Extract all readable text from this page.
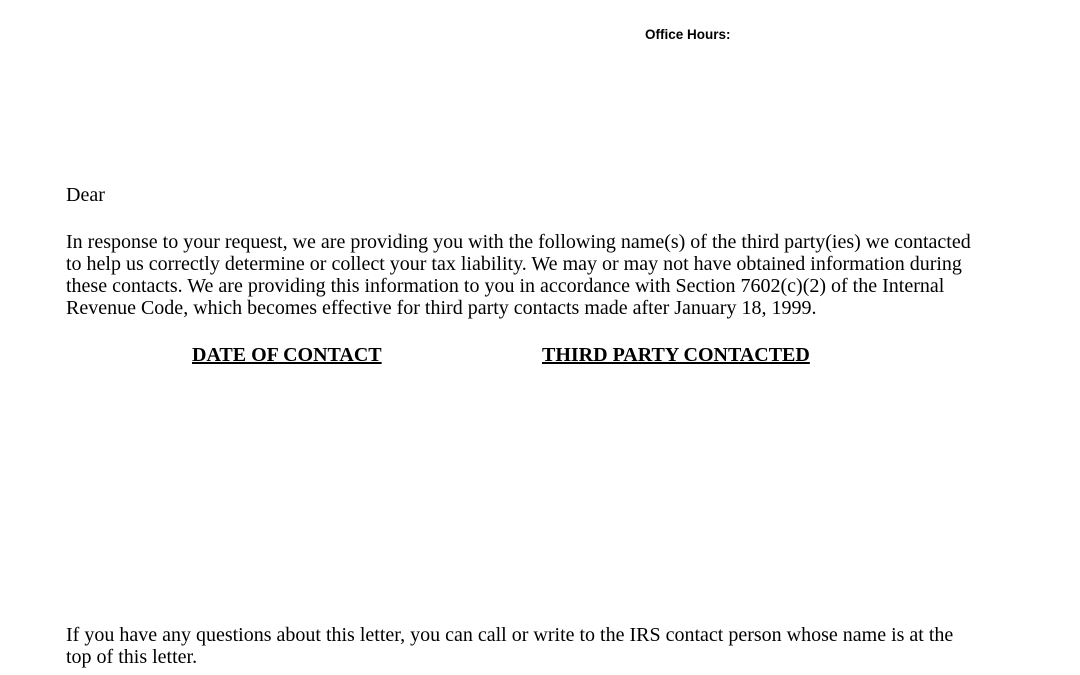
Office Hours:
Dear
In response to your request, we are providing you with the following name(s) of the third party(ies) we contacted
to help us correctly determine or collect your tax liability. We may or may not have obtained information during
these contacts. We are providing this information to you in accordance with Section 7602(c)(2) of the Internal
Revenue Code, which becomes effective for third party contacts made after January 18, 1999.
DATE OF CONTACT	THIRD PARTY CONTACTED
If you have any questions about this letter, you can call or write to the IRS contact person whose name is at the
top of this letter.
